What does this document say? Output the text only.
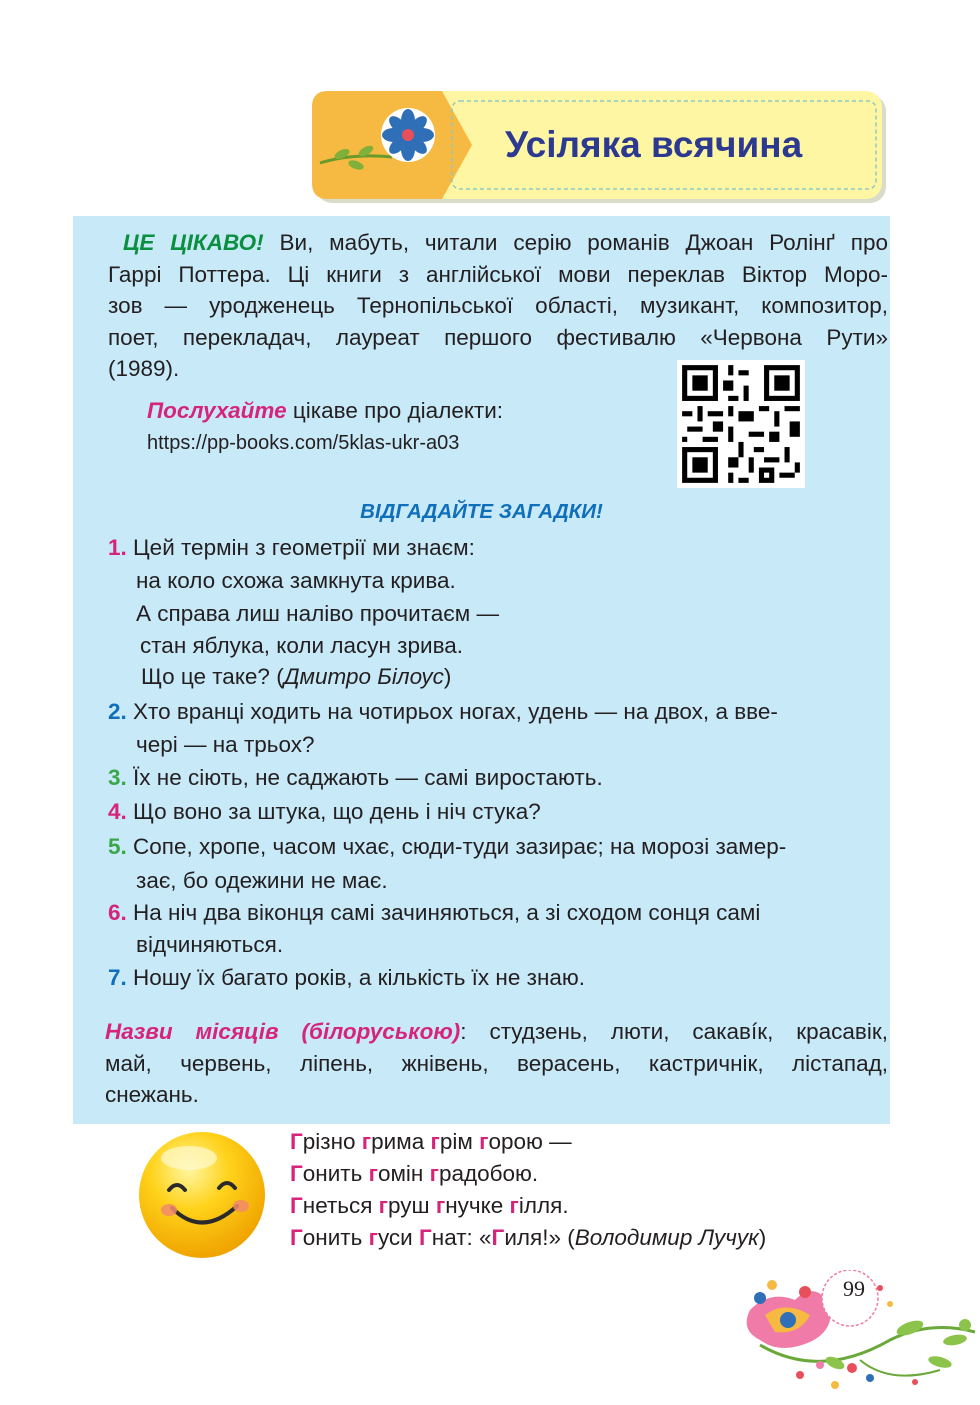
Усіляка всячина
ЦЕ ЦІКАВО! Ви, мабуть, читали серію романів Джоан Ролінґ про
Гаррі Поттера. Ці книги з англійської мови переклав Віктор Моро-
зов — уродженець Тернопільської області, музикант, композитор,
поет, перекладач, лауреат першого фестивалю «Червона Рути»
(1989).
Послухайте цікаве про діалекти:
https://pp-books.com/5klas-ukr-a03
ВІДГАДАЙТЕ ЗАГАДКИ!
1. Цей термін з геометрії ми знаєм:
на коло схожа замкнута крива.
А справа лиш наліво прочитаєм —
стан яблука, коли ласун зрива.
Що це таке? (Дмитро Білоус)
2. Хто вранці ходить на чотирьох ногах, удень — на двох, а вве-
чері — на трьох?
3. Їх не сіють, не саджають — самі виростають.
4. Що воно за штука, що день і ніч стука?
5. Сопе, хропе, часом чхає, сюди-туди зазирає; на морозі замер-
зає, бо одежини не має.
6. На ніч два віконця самі зачиняються, а зі сходом сонця самі
відчиняються.
7. Ношу їх багато років, а кількість їх не знаю.
Назви місяців (білоруською): студзень, люти, сакавíк, красавік,
май, червень, ліпень, жнівень, верасень, кастричнік, лістапад,
снежань.
Грізно грима грім горою —
Гонить гомін градобою.
Гнеться груш гнучке гілля.
Гонить гуси Гнат: «Гиля!» (Володимир Лучук)
99
